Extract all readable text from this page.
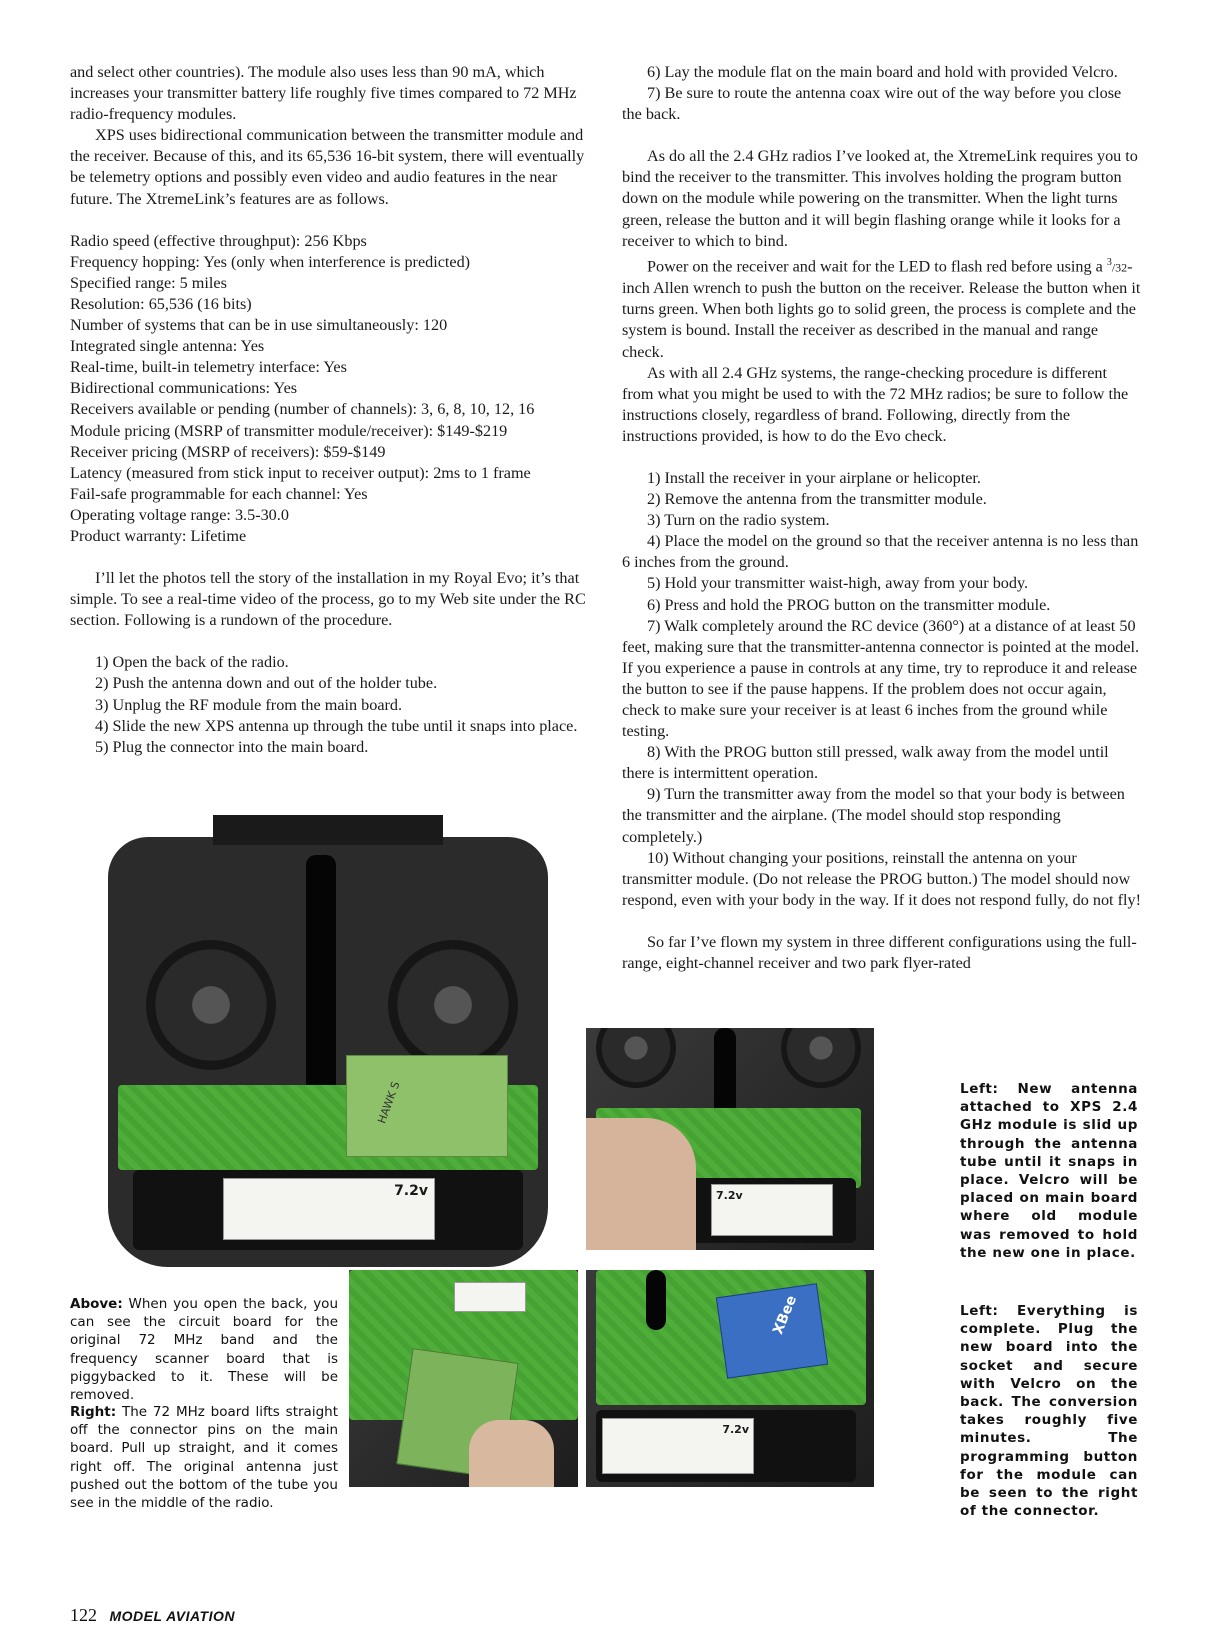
and select other countries). The module also uses less than 90 mA, which increases your transmitter battery life roughly five times compared to 72 MHz radio-frequency modules.

XPS uses bidirectional communication between the transmitter module and the receiver. Because of this, and its 65,536 16-bit system, there will eventually be telemetry options and possibly even video and audio features in the near future. The XtremeLink’s features are as follows.

Radio speed (effective throughput): 256 Kbps

Frequency hopping: Yes (only when interference is predicted)

Specified range: 5 miles

Resolution: 65,536 (16 bits)

Number of systems that can be in use simultaneously: 120

Integrated single antenna: Yes

Real-time, built-in telemetry interface: Yes

Bidirectional communications: Yes

Receivers available or pending (number of channels): 3, 6, 8, 10, 12, 16

Module pricing (MSRP of transmitter module/receiver): $149-$219

Receiver pricing (MSRP of receivers): $59-$149

Latency (measured from stick input to receiver output): 2ms to 1 frame

Fail-safe programmable for each channel: Yes

Operating voltage range: 3.5-30.0

Product warranty: Lifetime

I’ll let the photos tell the story of the installation in my Royal Evo; it’s that simple. To see a real-time video of the process, go to my Web site under the RC section. Following is a rundown of the procedure.

1) Open the back of the radio.

2) Push the antenna down and out of the holder tube.

3) Unplug the RF module from the main board.

4) Slide the new XPS antenna up through the tube until it snaps into place.

5) Plug the connector into the main board.

6) Lay the module flat on the main board and hold with provided Velcro.

7) Be sure to route the antenna coax wire out of the way before you close the back.

As do all the 2.4 GHz radios I’ve looked at, the XtremeLink requires you to bind the receiver to the transmitter. This involves holding the program button down on the module while powering on the transmitter. When the light turns green, release the button and it will begin flashing orange while it looks for a receiver to which to bind.

Power on the receiver and wait for the LED to flash red before using a $^3$/32-inch Allen wrench to push the button on the receiver. Release the button when it turns green. When both lights go to solid green, the process is complete and the system is bound. Install the receiver as described in the manual and range check.

As with all 2.4 GHz systems, the range-checking procedure is different from what you might be used to with the 72 MHz radios; be sure to follow the instructions closely, regardless of brand. Following, directly from the instructions provided, is how to do the Evo check.

1) Install the receiver in your airplane or helicopter.

2) Remove the antenna from the transmitter module.

3) Turn on the radio system.

4) Place the model on the ground so that the receiver antenna is no less than 6 inches from the ground.

5) Hold your transmitter waist-high, away from your body.

6) Press and hold the PROG button on the transmitter module.

7) Walk completely around the RC device (360°) at a distance of at least 50 feet, making sure that the transmitter-antenna connector is pointed at the model. If you experience a pause in controls at any time, try to reproduce it and release the button to see if the pause happens. If the problem does not occur again, check to make sure your receiver is at least 6 inches from the ground while testing.

8) With the PROG button still pressed, walk away from the model until there is intermittent operation.

9) Turn the transmitter away from the model so that your body is between the transmitter and the airplane. (The model should stop responding completely.)

10) Without changing your positions, reinstall the antenna on your transmitter module. (Do not release the PROG button.) The model should now respond, even with your body in the way. If it does not respond fully, do not fly!

So far I’ve flown my system in three different configurations using the full-range, eight-channel receiver and two park flyer-rated

HAWK S
7.2v	7.2v
XBee
7.2v

Above: When you open the back, you can see the circuit board for the original 72 MHz band and the frequency scanner board that is piggybacked to it. These will be removed.

Right: The 72 MHz board lifts straight off the connector pins on the main board. Pull up straight, and it comes right off. The original antenna just pushed out the bottom of the tube you see in the middle of the radio.

Left: New antenna attached to XPS 2.4 GHz module is slid up through the antenna tube until it snaps in place. Velcro will be placed on main board where old module was removed to hold the new one in place.

Left: Everything is complete. Plug the new board into the socket and secure with Velcro on the back. The conversion takes roughly five minutes. The programming button for the module can be seen to the right of the connector.

122 MODEL AVIATION
